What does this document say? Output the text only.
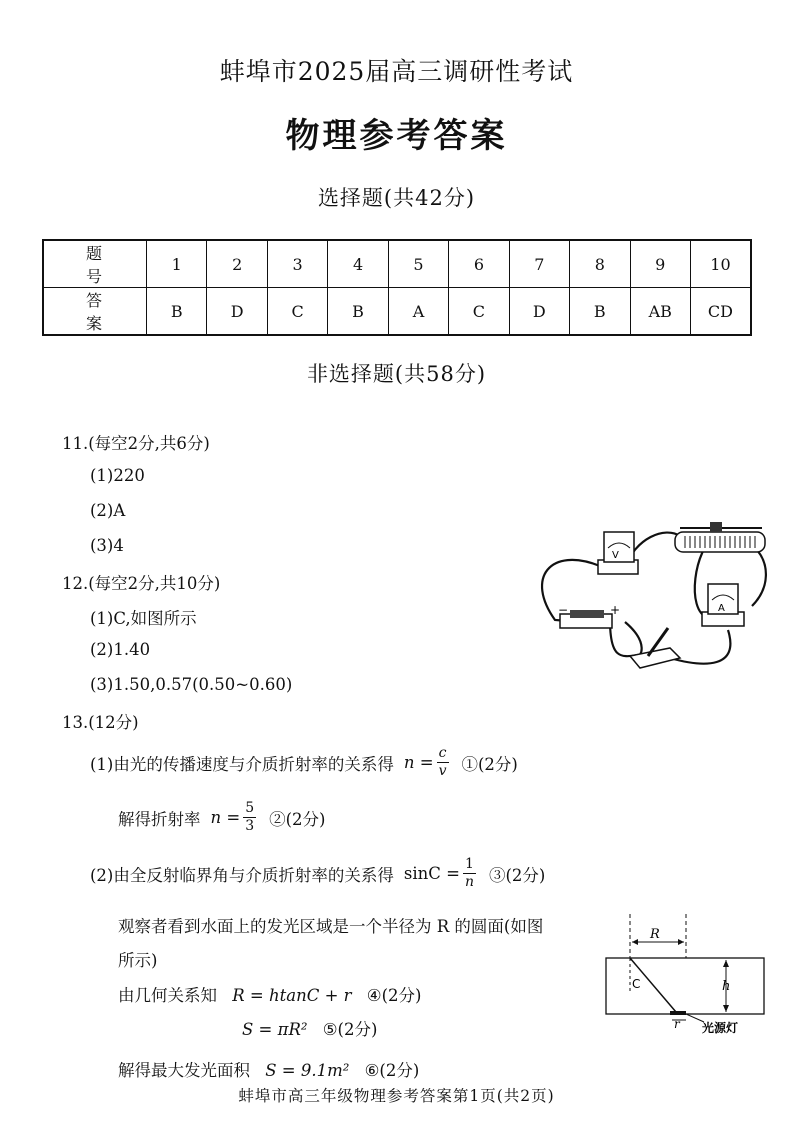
蚌埠市2025届高三调研性考试
物理参考答案
选择题(共42分)
题　号	1	2	3	4	5	6	7	8	9	10
答　案	B	D	C	B	A	C	D	B	AB	CD
非选择题(共58分)
11.(每空2分,共6分)
(1)220
(2)A
(3)4
12.(每空2分,共10分)
(1)C,如图所示
(2)1.40
(3)1.50,0.57(0.50~0.60)
V
A
−	+
13.(12分)
(1)由光的传播速度与介质折射率的关系得 $n = \frac{c}{v}$ ①(2分)
解得折射率 $n = \frac{5}{3}$ ②(2分)
(2)由全反射临界角与介质折射率的关系得 $\sin C = \frac{1}{n}$ ③(2分)
观察者看到水面上的发光区域是一个半径为 R 的圆面(如图
所示)
由几何关系知 R = htanC + r ④(2分)
S = πR² ⑤(2分)
解得最大发光面积 S = 9.1m² ⑥(2分)
R
C	h
r 光源灯
蚌埠市高三年级物理参考答案第1页(共2页)
